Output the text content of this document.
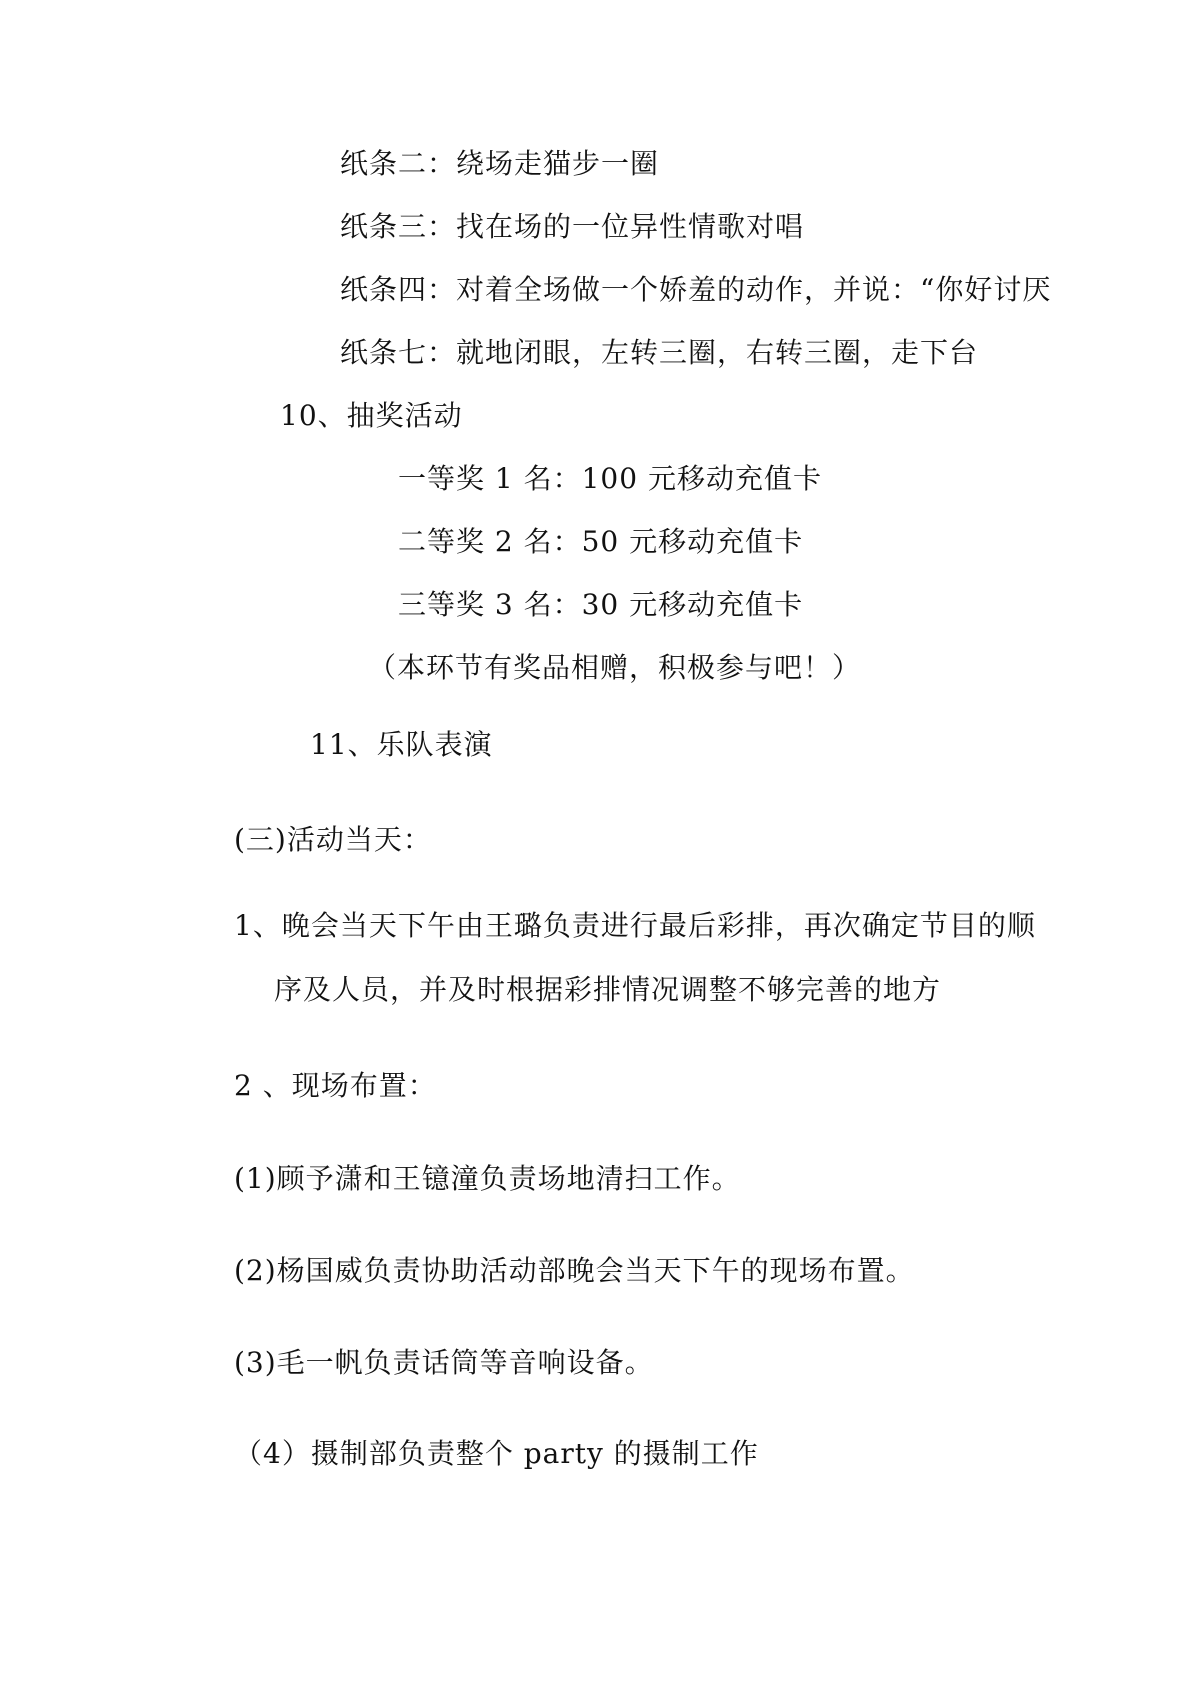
纸条二：绕场走猫步一圈
纸条三：找在场的一位异性情歌对唱
纸条四：对着全场做一个娇羞的动作，并说：“你好讨厌
纸条七：就地闭眼，左转三圈，右转三圈，走下台
10、抽奖活动
一等奖 1 名：100 元移动充值卡
二等奖 2 名：50 元移动充值卡
三等奖 3 名：30 元移动充值卡
（本环节有奖品相赠，积极参与吧！）
11、乐队表演
(三)活动当天：
1、晚会当天下午由王璐负责进行最后彩排，再次确定节目的顺
序及人员，并及时根据彩排情况调整不够完善的地方
2 、现场布置：
(1)顾予潇和王镱潼负责场地清扫工作。
(2)杨国威负责协助活动部晚会当天下午的现场布置。
(3)毛一帆负责话筒等音响设备。
（4）摄制部负责整个 party 的摄制工作
